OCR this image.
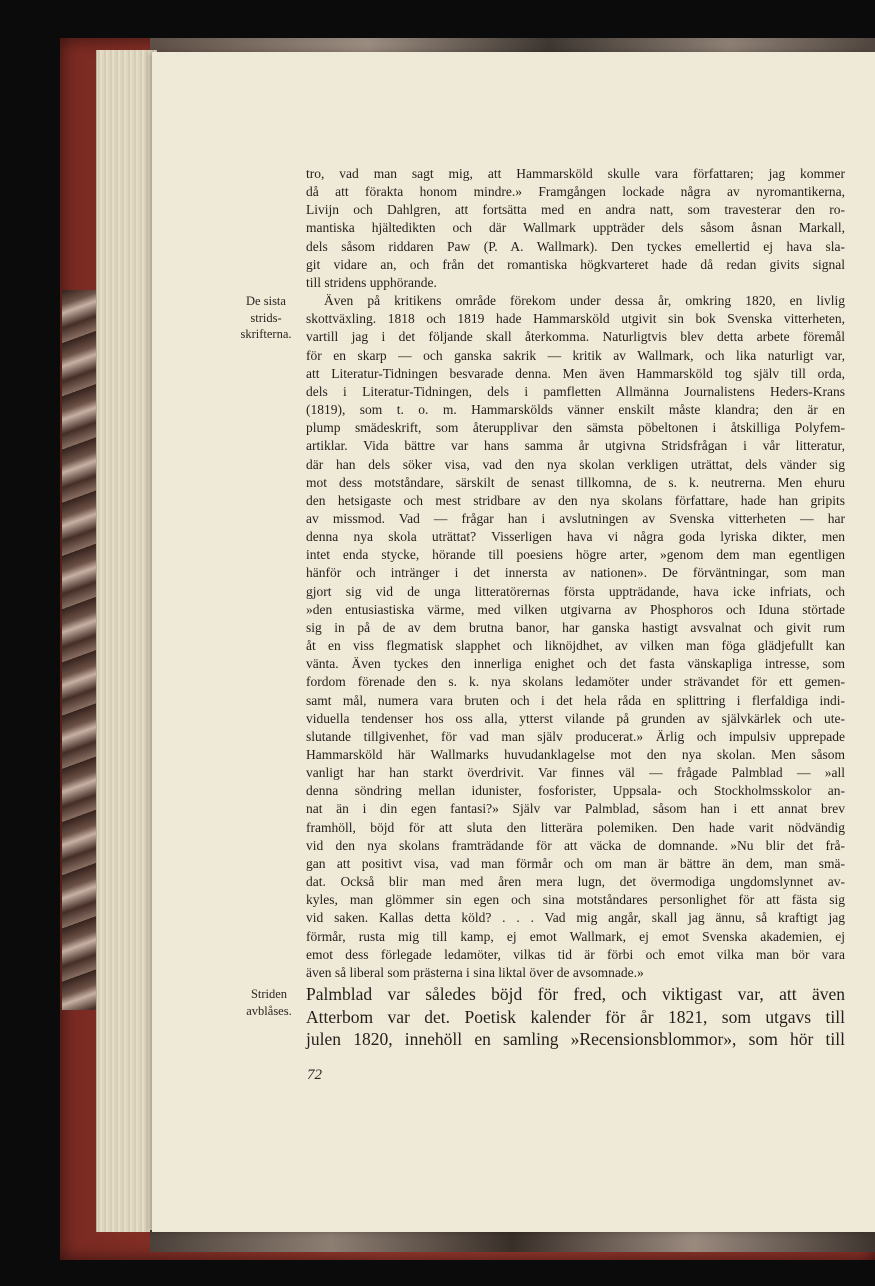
De sista
strids-
skrifterna.
Striden
avblåses.
tro, vad man sagt mig, att Hammarsköld skulle vara författaren; jag kommer
då att förakta honom mindre.» Framgången lockade några av nyromantikerna,
Livijn och Dahlgren, att fortsätta med en andra natt, som travesterar den ro-
mantiska hjältedikten och där Wallmark uppträder dels såsom åsnan Markall,
dels såsom riddaren Paw (P. A. Wallmark). Den tyckes emellertid ej hava sla-
git vidare an, och från det romantiska högkvarteret hade då redan givits signal
till stridens upphörande.
Även på kritikens område förekom under dessa år, omkring 1820, en livlig
skottväxling. 1818 och 1819 hade Hammarsköld utgivit sin bok Svenska vitterheten,
vartill jag i det följande skall återkomma. Naturligtvis blev detta arbete föremål
för en skarp — och ganska sakrik — kritik av Wallmark, och lika naturligt var,
att Literatur-Tidningen besvarade denna. Men även Hammarsköld tog själv till orda,
dels i Literatur-Tidningen, dels i pamfletten Allmänna Journalistens Heders-Krans
(1819), som t. o. m. Hammarskölds vänner enskilt måste klandra; den är en
plump smädeskrift, som återupplivar den sämsta pöbeltonen i åtskilliga Polyfem-
artiklar. Vida bättre var hans samma år utgivna Stridsfrågan i vår litteratur,
där han dels söker visa, vad den nya skolan verkligen uträttat, dels vänder sig
mot dess motståndare, särskilt de senast tillkomna, de s. k. neutrerna. Men ehuru
den hetsigaste och mest stridbare av den nya skolans författare, hade han gripits
av missmod. Vad — frågar han i avslutningen av Svenska vitterheten — har
denna nya skola uträttat? Visserligen hava vi några goda lyriska dikter, men
intet enda stycke, hörande till poesiens högre arter, »genom dem man egentligen
hänför och intränger i det innersta av nationen». De förväntningar, som man
gjort sig vid de unga litteratörernas första uppträdande, hava icke infriats, och
»den entusiastiska värme, med vilken utgivarna av Phosphoros och Iduna störtade
sig in på de av dem brutna banor, har ganska hastigt avsvalnat och givit rum
åt en viss flegmatisk slapphet och liknöjdhet, av vilken man föga glädjefullt kan
vänta. Även tyckes den innerliga enighet och det fasta vänskapliga intresse, som
fordom förenade den s. k. nya skolans ledamöter under strävandet för ett gemen-
samt mål, numera vara bruten och i det hela råda en splittring i flerfaldiga indi-
viduella tendenser hos oss alla, ytterst vilande på grunden av självkärlek och ute-
slutande tillgivenhet, för vad man själv producerat.» Ärlig och impulsiv upprepade
Hammarsköld här Wallmarks huvudanklagelse mot den nya skolan. Men såsom
vanligt har han starkt överdrivit. Var finnes väl — frågade Palmblad — »all
denna söndring mellan idunister, fosforister, Uppsala- och Stockholmsskolor an-
nat än i din egen fantasi?» Själv var Palmblad, såsom han i ett annat brev
framhöll, böjd för att sluta den litterära polemiken. Den hade varit nödvändig
vid den nya skolans framträdande för att väcka de domnande. »Nu blir det frå-
gan att positivt visa, vad man förmår och om man är bättre än dem, man smä-
dat. Också blir man med åren mera lugn, det övermodiga ungdomslynnet av-
kyles, man glömmer sin egen och sina motståndares personlighet för att fästa sig
vid saken. Kallas detta köld? . . . Vad mig angår, skall jag ännu, så kraftigt jag
förmår, rusta mig till kamp, ej emot Wallmark, ej emot Svenska akademien, ej
emot dess förlegade ledamöter, vilkas tid är förbi och emot vilka man bör vara
även så liberal som prästerna i sina liktal över de avsomnade.»
Palmblad var således böjd för fred, och viktigast var, att även
Atterbom var det. Poetisk kalender för år 1821, som utgavs till
julen 1820, innehöll en samling »Recensionsblommor», som hör till
72
